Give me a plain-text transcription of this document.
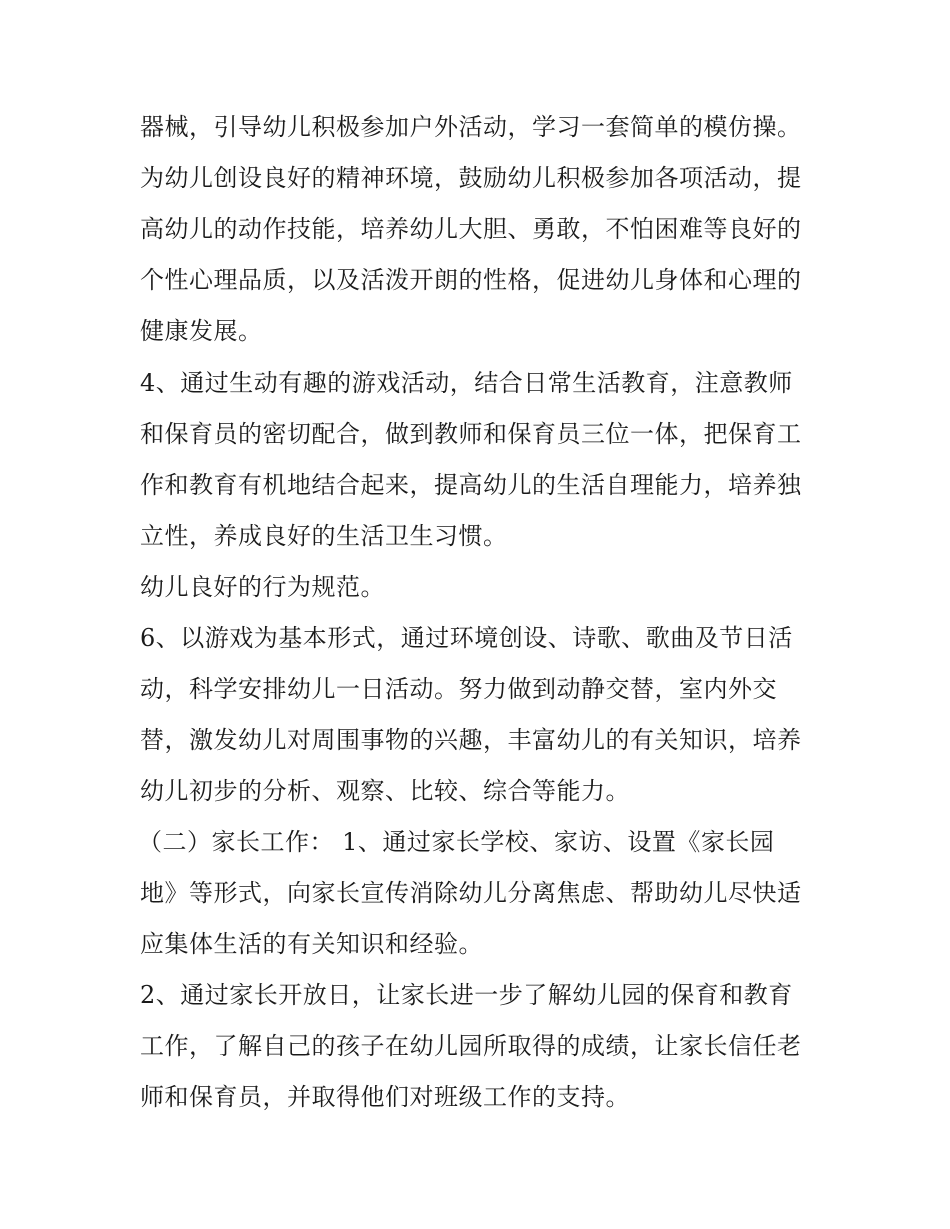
器械，引导幼儿积极参加户外活动，学习一套简单的模仿操。
为幼儿创设良好的精神环境，鼓励幼儿积极参加各项活动，提
高幼儿的动作技能，培养幼儿大胆、勇敢，不怕困难等良好的
个性心理品质，以及活泼开朗的性格，促进幼儿身体和心理的
健康发展。
4、通过生动有趣的游戏活动，结合日常生活教育，注意教师
和保育员的密切配合，做到教师和保育员三位一体，把保育工
作和教育有机地结合起来，提高幼儿的生活自理能力，培养独
立性，养成良好的生活卫生习惯。
幼儿良好的行为规范。
6、以游戏为基本形式，通过环境创设、诗歌、歌曲及节日活
动，科学安排幼儿一日活动。努力做到动静交替，室内外交
替，激发幼儿对周围事物的兴趣，丰富幼儿的有关知识，培养
幼儿初步的分析、观察、比较、综合等能力。
（二）家长工作： 1、通过家长学校、家访、设置《家长园
地》等形式，向家长宣传消除幼儿分离焦虑、帮助幼儿尽快适
应集体生活的有关知识和经验。
2、通过家长开放日，让家长进一步了解幼儿园的保育和教育
工作，了解自己的孩子在幼儿园所取得的成绩，让家长信任老
师和保育员，并取得他们对班级工作的支持。
